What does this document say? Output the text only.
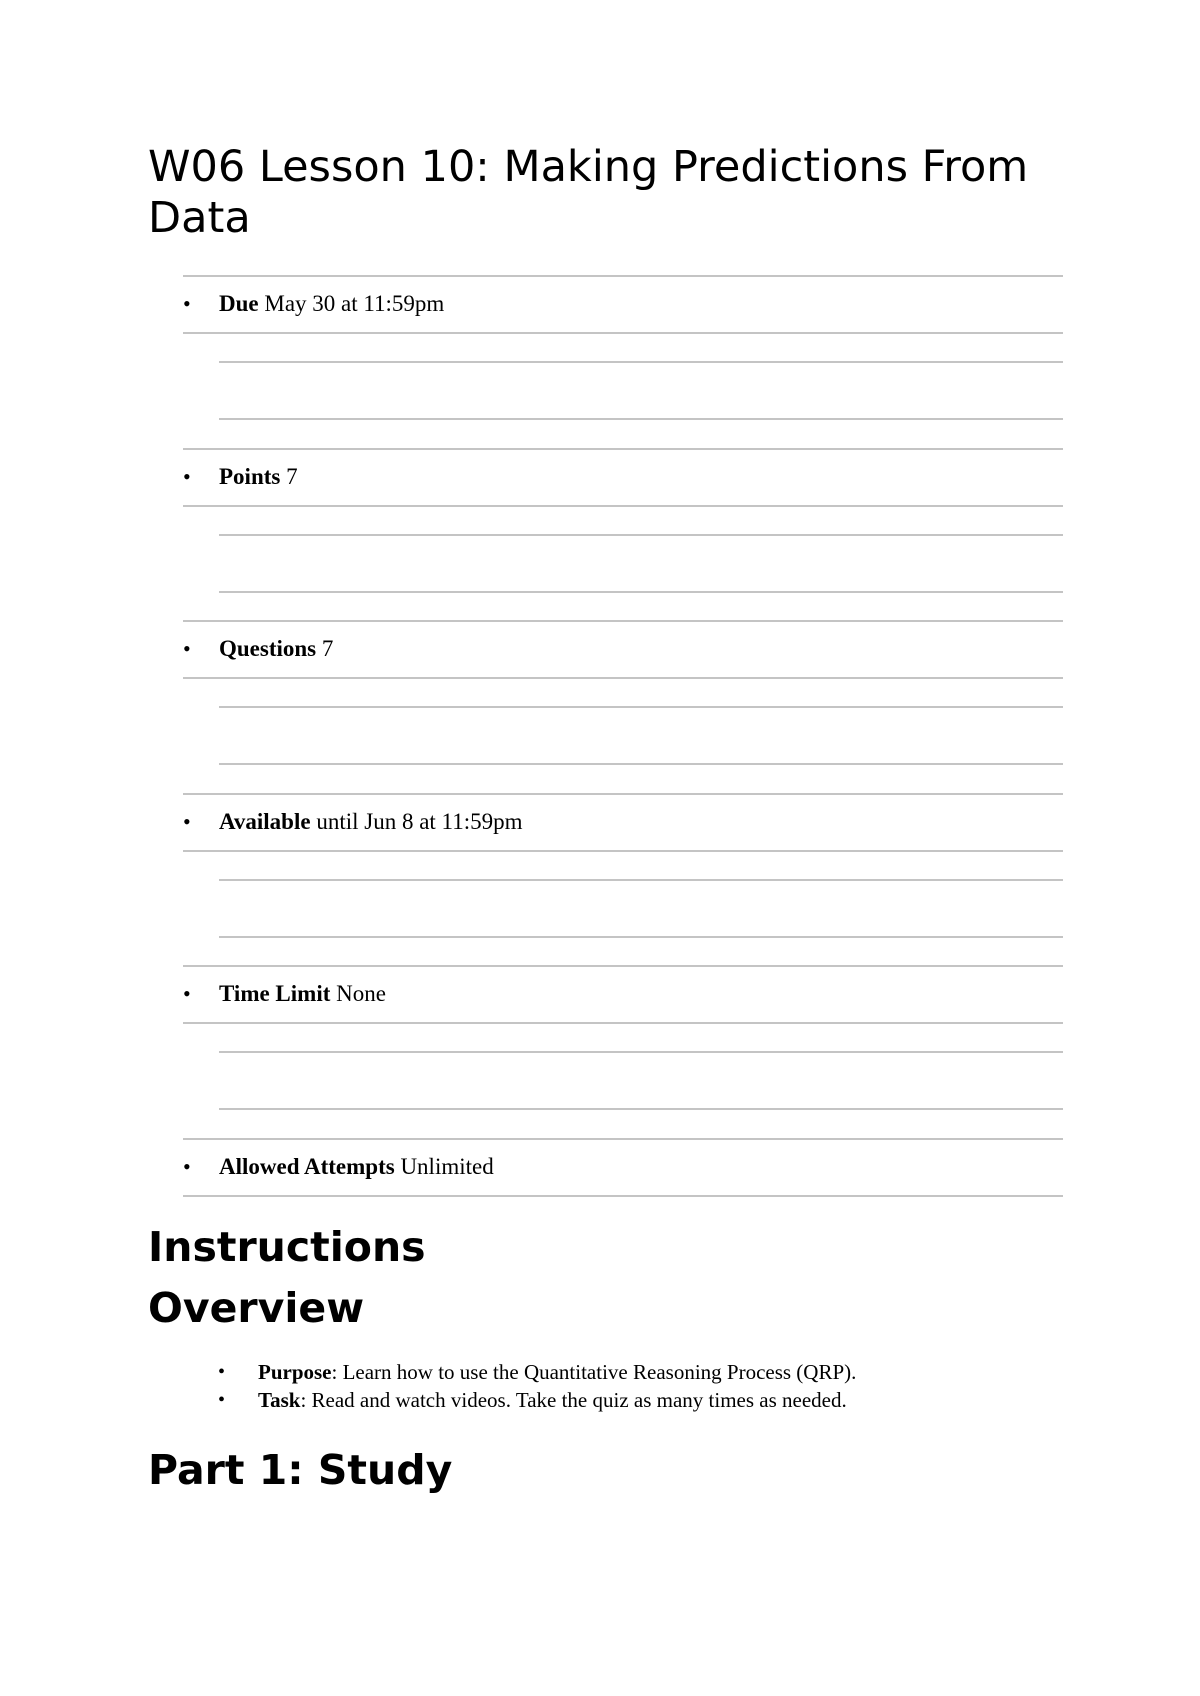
W06 Lesson 10: Making Predictions From Data
• Due May 30 at 11:59pm
• Points 7
• Questions 7
• Available until Jun 8 at 11:59pm
• Time Limit None
• Allowed Attempts Unlimited
Instructions
Overview
• Purpose: Learn how to use the Quantitative Reasoning Process (QRP).
• Task: Read and watch videos. Take the quiz as many times as needed.
Part 1: Study
